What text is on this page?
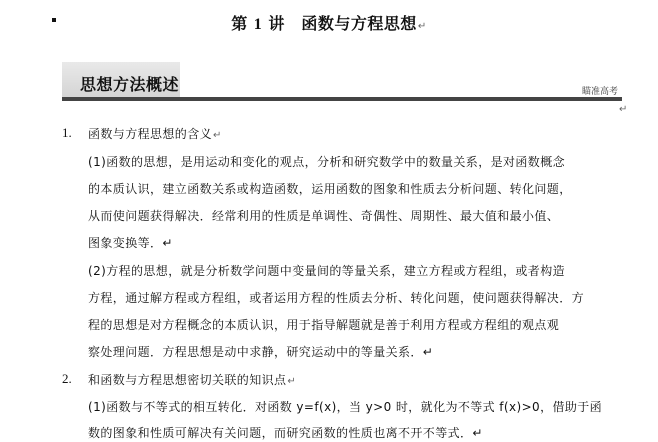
第 1 讲　函数与方程思想↵
思想方法概述	瞄准高考
↵
1. 函数与方程思想的含义↵
(1)函数的思想，是用运动和变化的观点，分析和研究数学中的数量关系，是对函数概念
的本质认识，建立函数关系或构造函数，运用函数的图象和性质去分析问题、转化问题，
从而使问题获得解决．经常利用的性质是单调性、奇偶性、周期性、最大值和最小值、
图象变换等．↵
(2)方程的思想，就是分析数学问题中变量间的等量关系，建立方程或方程组，或者构造
方程，通过解方程或方程组，或者运用方程的性质去分析、转化问题，使问题获得解决．方
程的思想是对方程概念的本质认识，用于指导解题就是善于利用方程或方程组的观点观
察处理问题．方程思想是动中求静，研究运动中的等量关系．↵
2. 和函数与方程思想密切关联的知识点↵
(1)函数与不等式的相互转化．对函数 y=f(x)，当 y>0 时，就化为不等式 f(x)>0，借助于函
数的图象和性质可解决有关问题，而研究函数的性质也离不开不等式．↵
